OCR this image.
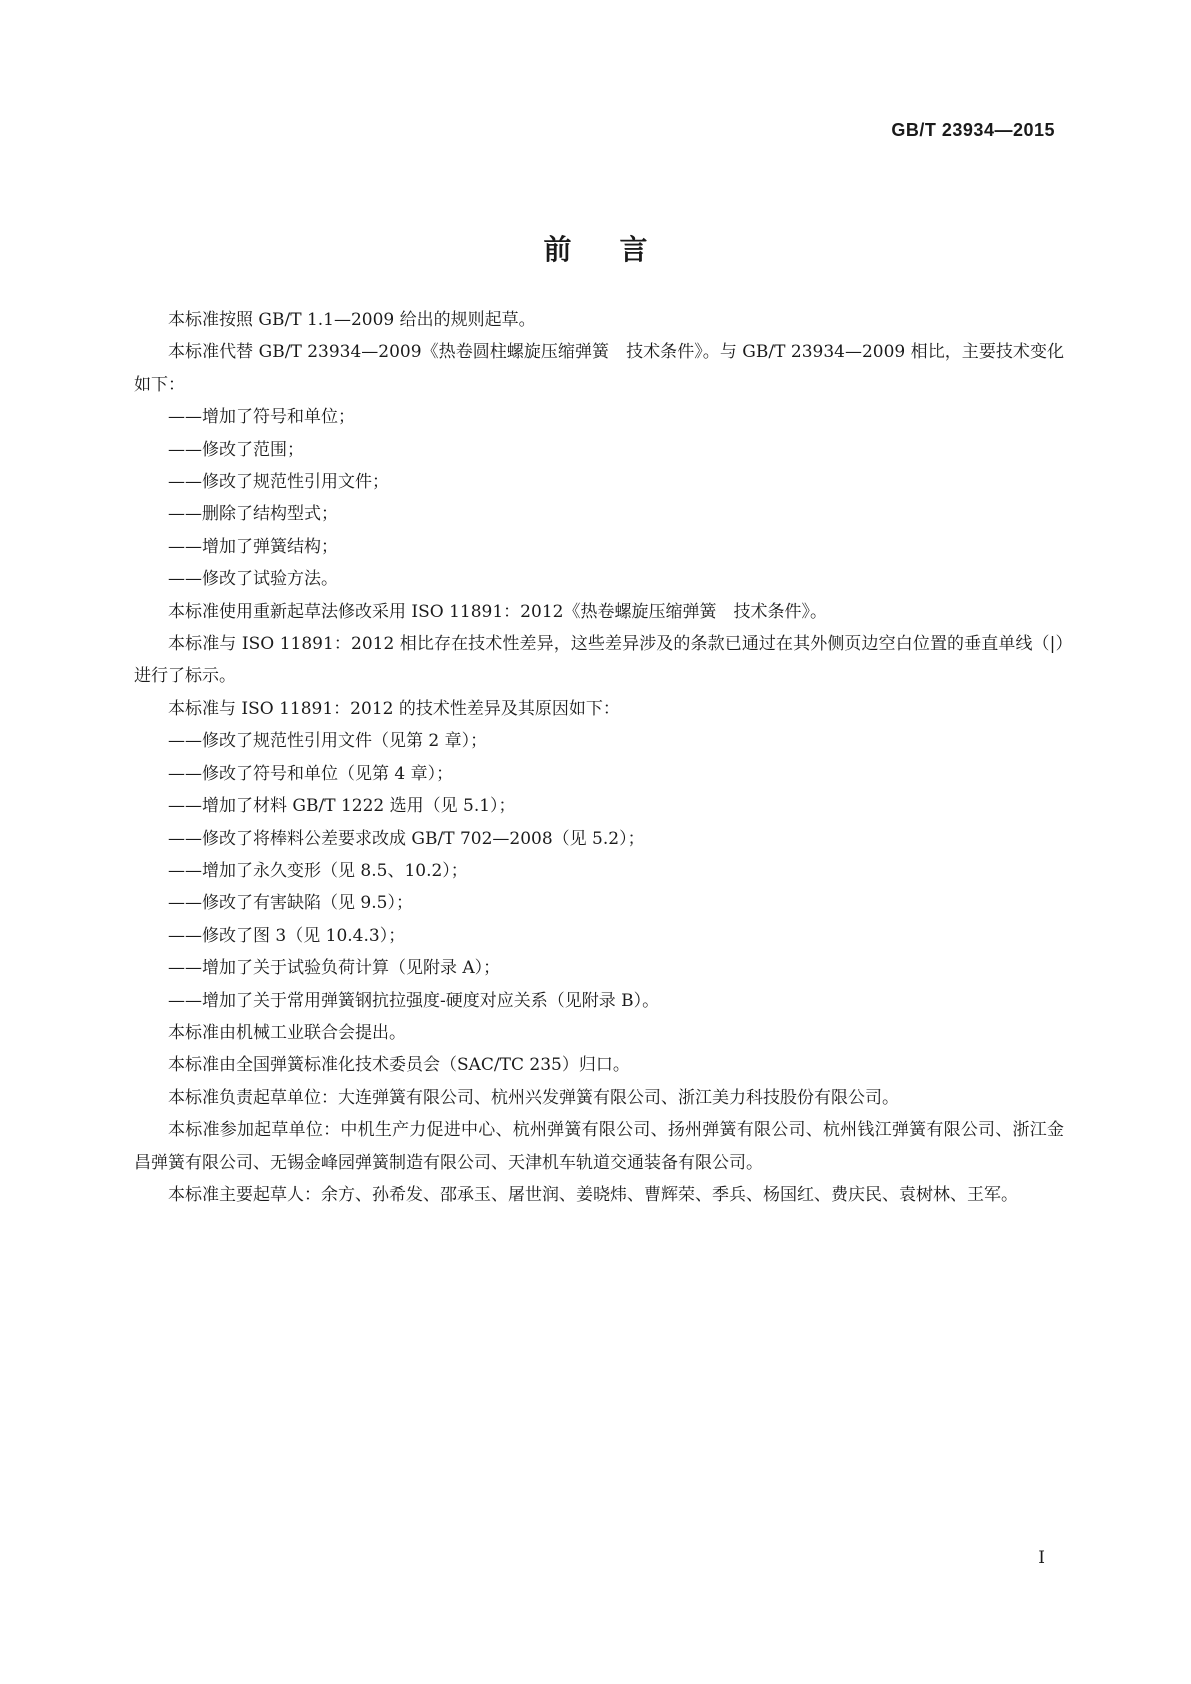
GB/T 23934—2015
前言

本标准按照 GB/T 1.1—2009 给出的规则起草。

本标准代替 GB/T 23934—2009《热卷圆柱螺旋压缩弹簧　技术条件》。与 GB/T 23934—2009 相比，主要技术变化如下：

——增加了符号和单位；

——修改了范围；

——修改了规范性引用文件；

——删除了结构型式；

——增加了弹簧结构；

——修改了试验方法。

本标准使用重新起草法修改采用 ISO 11891：2012《热卷螺旋压缩弹簧　技术条件》。

本标准与 ISO 11891：2012 相比存在技术性差异，这些差异涉及的条款已通过在其外侧页边空白位置的垂直单线（|）进行了标示。

本标准与 ISO 11891：2012 的技术性差异及其原因如下：

——修改了规范性引用文件（见第 2 章）；

——修改了符号和单位（见第 4 章）；

——增加了材料 GB/T 1222 选用（见 5.1）；

——修改了将棒料公差要求改成 GB/T 702—2008（见 5.2）；

——增加了永久变形（见 8.5、10.2）；

——修改了有害缺陷（见 9.5）；

——修改了图 3（见 10.4.3）；

——增加了关于试验负荷计算（见附录 A）；

——增加了关于常用弹簧钢抗拉强度-硬度对应关系（见附录 B）。

本标准由机械工业联合会提出。

本标准由全国弹簧标准化技术委员会（SAC/TC 235）归口。

本标准负责起草单位：大连弹簧有限公司、杭州兴发弹簧有限公司、浙江美力科技股份有限公司。

本标准参加起草单位：中机生产力促进中心、杭州弹簧有限公司、扬州弹簧有限公司、杭州钱江弹簧有限公司、浙江金昌弹簧有限公司、无锡金峰园弹簧制造有限公司、天津机车轨道交通装备有限公司。

本标准主要起草人：余方、孙希发、邵承玉、屠世润、姜晓炜、曹辉荣、季兵、杨国红、费庆民、袁树林、王军。

I
